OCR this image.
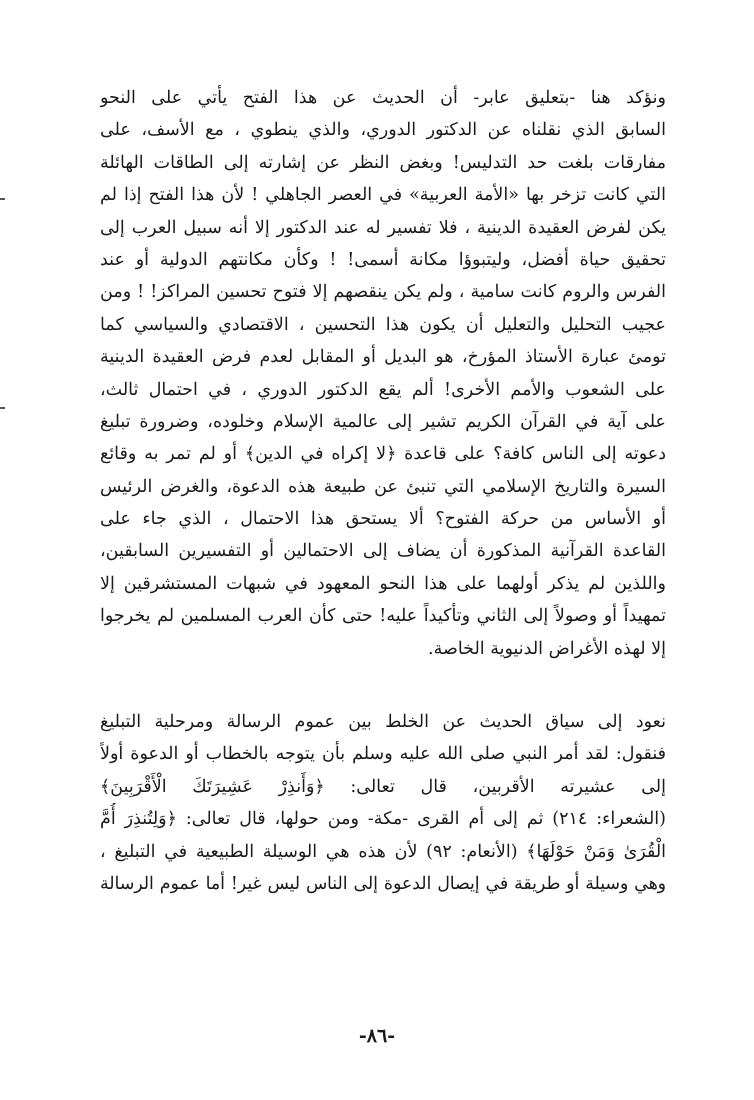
ونؤكد هنا -بتعليق عابر- أن الحديث عن هذا الفتح يأتي على النحو
السابق الذي نقلناه عن الدكتور الدوري، والذي ينطوي ، مع الأسف، على
مفارقات بلغت حد التدليس! وبغض النظر عن إشارته إلى الطاقات الهائلة
التي كانت تزخر بها «الأمة العربية» في العصر الجاهلي ! لأن هذا الفتح إذا لم
يكن لفرض العقيدة الدينية ، فلا تفسير له عند الدكتور إلا أنه سبيل العرب إلى
تحقيق حياة أفضل، وليتبوؤا مكانة أسمى! ! وكأن مكانتهم الدولية أو عند
الفرس والروم كانت سامية ، ولم يكن ينقصهم إلا فتوح تحسين المراكز! ! ومن
عجيب التحليل والتعليل أن يكون هذا التحسين ، الاقتصادي والسياسي كما
تومئ عبارة الأستاذ المؤرخ، هو البديل أو المقابل لعدم فرض العقيدة الدينية
على الشعوب والأمم الأخرى! ألم يقع الدكتور الدوري ، في احتمال ثالث،
على آية في القرآن الكريم تشير إلى عالمية الإسلام وخلوده، وضرورة تبليغ
دعوته إلى الناس كافة؟ على قاعدة ﴿لا إكراه في الدين﴾ أو لم تمر به وقائع
السيرة والتاريخ الإسلامي التي تنبئ عن طبيعة هذه الدعوة، والغرض الرئيس
أو الأساس من حركة الفتوح؟ ألا يستحق هذا الاحتمال ، الذي جاء على
القاعدة القرآنية المذكورة أن يضاف إلى الاحتمالين أو التفسيرين السابقين،
واللذين لم يذكر أولهما على هذا النحو المعهود في شبهات المستشرقين إلا
تمهيداً أو وصولاً إلى الثاني وتأكيداً عليه! حتى كأن العرب المسلمين لم يخرجوا
إلا لهذه الأغراض الدنيوية الخاصة.
نعود إلى سياق الحديث عن الخلط بين عموم الرسالة ومرحلية التبليغ
فنقول: لقد أمر النبي صلى الله عليه وسلم بأن يتوجه بالخطاب أو الدعوة أولاً
إلى عشيرته الأقربين، قال تعالى: ﴿وَأَنذِرْ عَشِيرَتَكَ الْأَقْرَبِينَ﴾
(الشعراء: ٢١٤) ثم إلى أم القرى -مكة- ومن حولها، قال تعالى: ﴿وَلِتُنذِرَ أُمَّ
الْقُرَىٰ وَمَنْ حَوْلَهَا﴾ (الأنعام: ٩٢) لأن هذه هي الوسيلة الطبيعية في التبليغ ،
وهي وسيلة أو طريقة في إيصال الدعوة إلى الناس ليس غير! أما عموم الرسالة
-٨٦-
